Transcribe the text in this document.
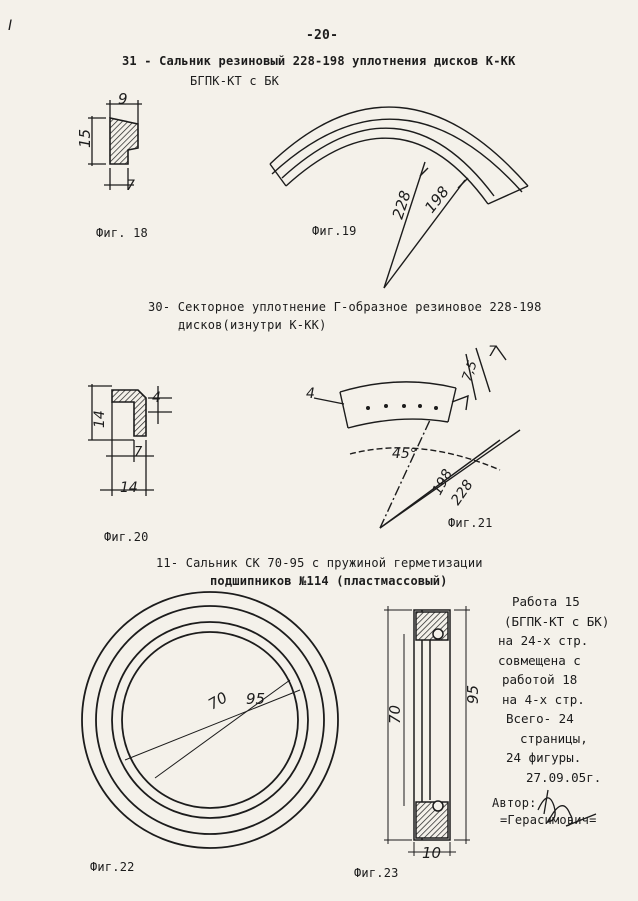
I
-20-
31 - Сальник резиновый 228-198 уплотнения дисков К-КК
БГПК-КТ с БК
30- Секторное уплотнение Г-образное резиновое 228-198
дисков(изнутри К-КК)
11- Сальник СК 70-95 с пружиной герметизации
подшипников №114 (пластмассовый)
Фиг. 18	Фиг.19
Фиг.20
Фиг.21
Фиг.22	Фиг.23
Работа 15
(БГПК-КТ с БК)
на 24-х стр.
совмещена с
работой 18
на 4-х стр.
Всего- 24
страницы,
24 фигуры.
27.09.05г.
Автор:
=Герасимович=
9
15
7
228 198
4
14
7
14
4
7
7,5
45°
198
228
70 95
70
95
10
